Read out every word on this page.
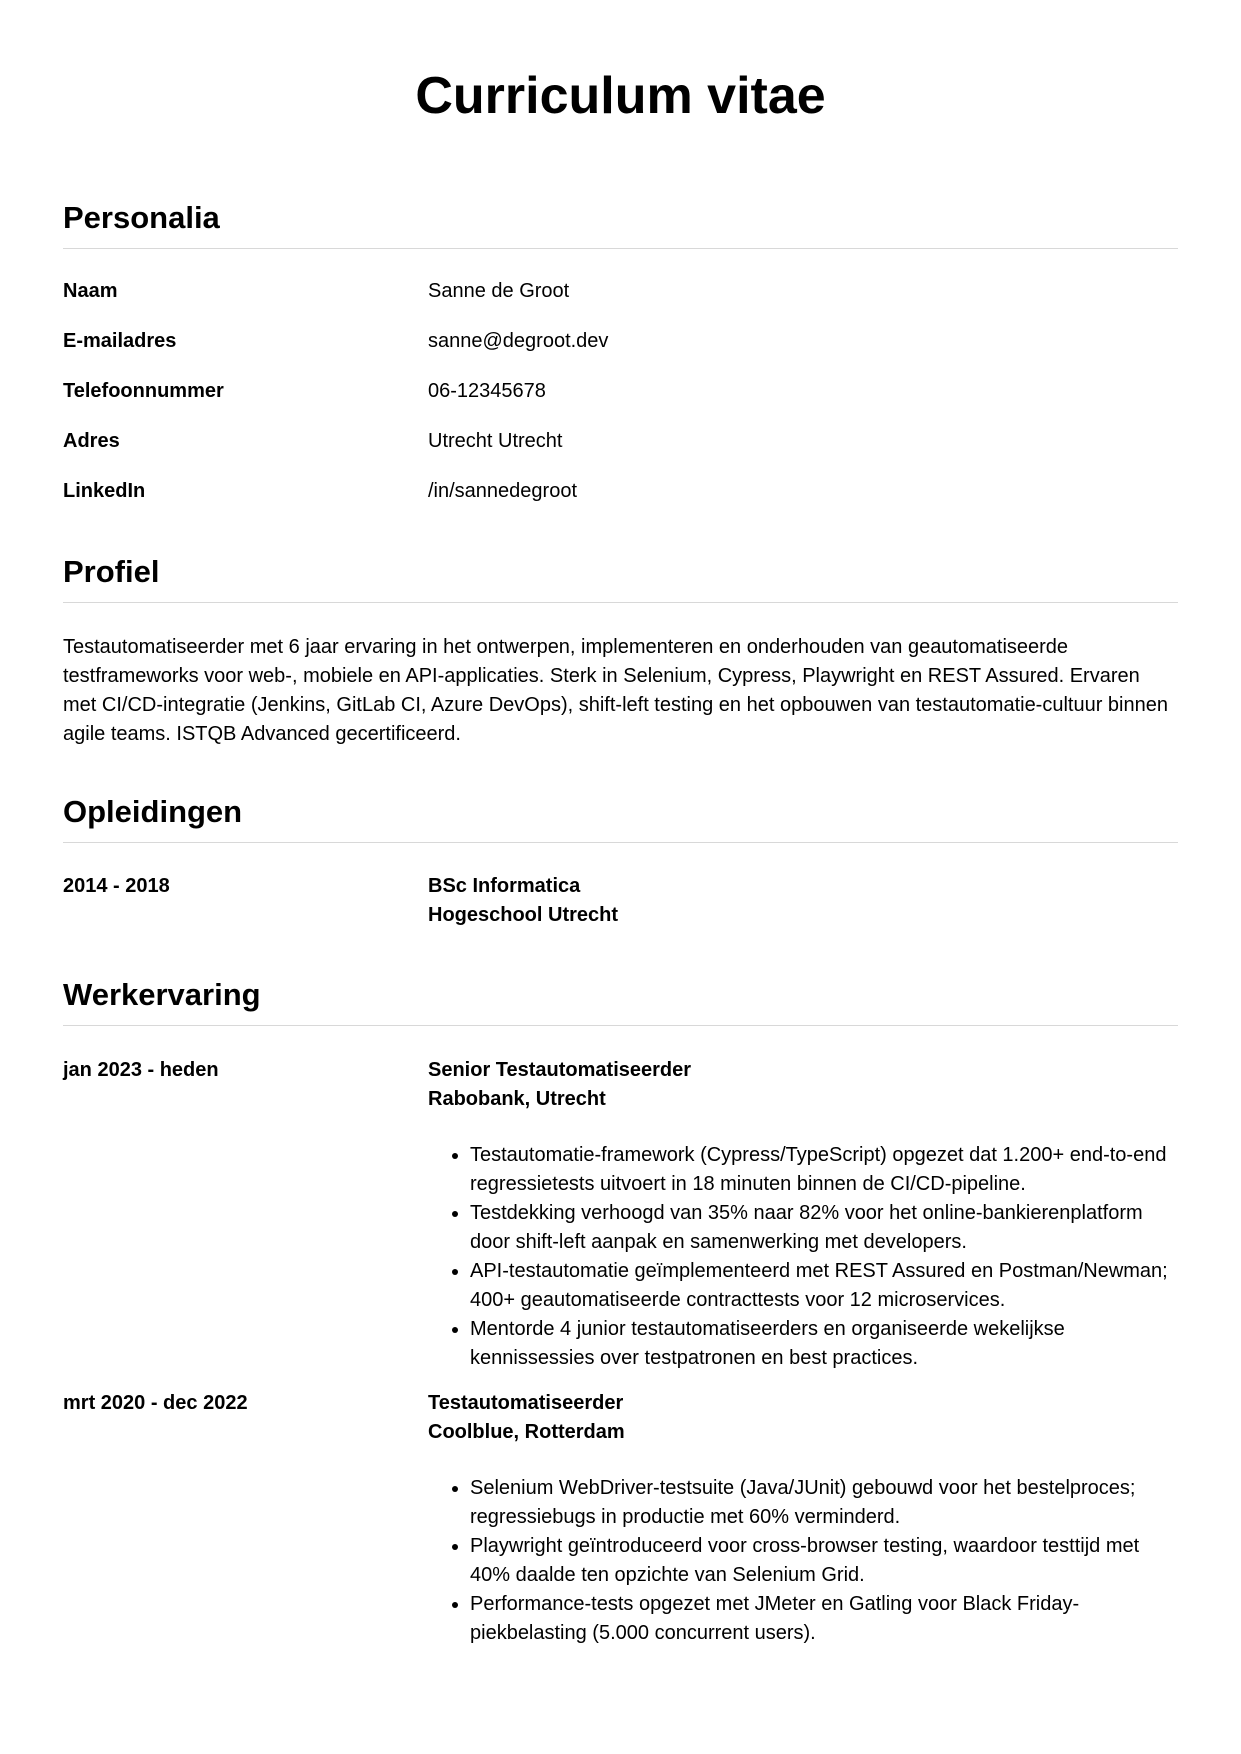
Curriculum vitae
Personalia
Naam	Sanne de Groot
E-mailadres	sanne@degroot.dev
Telefoonnummer	06-12345678
Adres	Utrecht Utrecht
LinkedIn	/in/sannedegroot
Profiel

Testautomatiseerder met 6 jaar ervaring in het ontwerpen, implementeren en onderhouden van geautomatiseerde testframeworks voor web-, mobiele en API-applicaties. Sterk in Selenium, Cypress, Playwright en REST Assured. Ervaren met CI/CD-integratie (Jenkins, GitLab CI, Azure DevOps), shift-left testing en het opbouwen van testautomatie-cultuur binnen agile teams. ISTQB Advanced gecertificeerd.

Opleidingen
2014 - 2018	BSc Informatica
Hogeschool Utrecht
Werkervaring
jan 2023 - heden	Senior Testautomatiseerder
Rabobank, Utrecht
• Testautomatie-framework (Cypress/TypeScript) opgezet dat 1.200+ end-to-end regressietests uitvoert in 18 minuten binnen de CI/CD-pipeline.
• Testdekking verhoogd van 35% naar 82% voor het online-bankierenplatform door shift-left aanpak en samenwerking met developers.
• API-testautomatie geïmplementeerd met REST Assured en Postman/Newman; 400+ geautomatiseerde contracttests voor 12 microservices.
• Mentorde 4 junior testautomatiseerders en organiseerde wekelijkse kennissessies over testpatronen en best practices.
mrt 2020 - dec 2022	Testautomatiseerder
Coolblue, Rotterdam
• Selenium WebDriver-testsuite (Java/JUnit) gebouwd voor het bestelproces; regressiebugs in productie met 60% verminderd.
• Playwright geïntroduceerd voor cross-browser testing, waardoor testtijd met 40% daalde ten opzichte van Selenium Grid.
• Performance-tests opgezet met JMeter en Gatling voor Black Friday-piekbelasting (5.000 concurrent users).
